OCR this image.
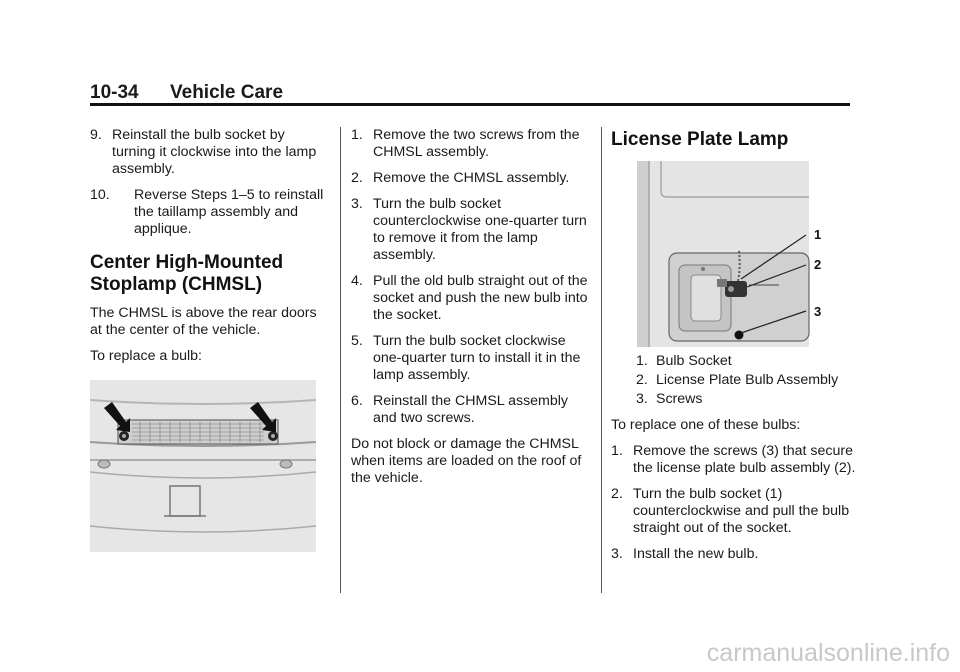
10-34 Vehicle Care
9. Reinstall the bulb socket by turning it clockwise into the lamp assembly.
10. Reverse Steps 1–5 to reinstall the taillamp assembly and applique.
Center High-Mounted Stoplamp (CHMSL)

The CHMSL is above the rear doors at the center of the vehicle.

To replace a bulb:

1. Remove the two screws from the CHMSL assembly.
2. Remove the CHMSL assembly.
3. Turn the bulb socket counterclockwise one-quarter turn to remove it from the lamp assembly.
4. Pull the old bulb straight out of the socket and push the new bulb into the socket.
5. Turn the bulb socket clockwise one-quarter turn to install it in the lamp assembly.
6. Reinstall the CHMSL assembly and two screws.

Do not block or damage the CHMSL when items are loaded on the roof of the vehicle.

License Plate Lamp
1
2
3
1. Bulb Socket
2. License Plate Bulb Assembly
3. Screws

To replace one of these bulbs:

1. Remove the screws (3) that secure the license plate bulb assembly (2).
2. Turn the bulb socket (1) counterclockwise and pull the bulb straight out of the socket.
3. Install the new bulb.
carmanualsonline.info
